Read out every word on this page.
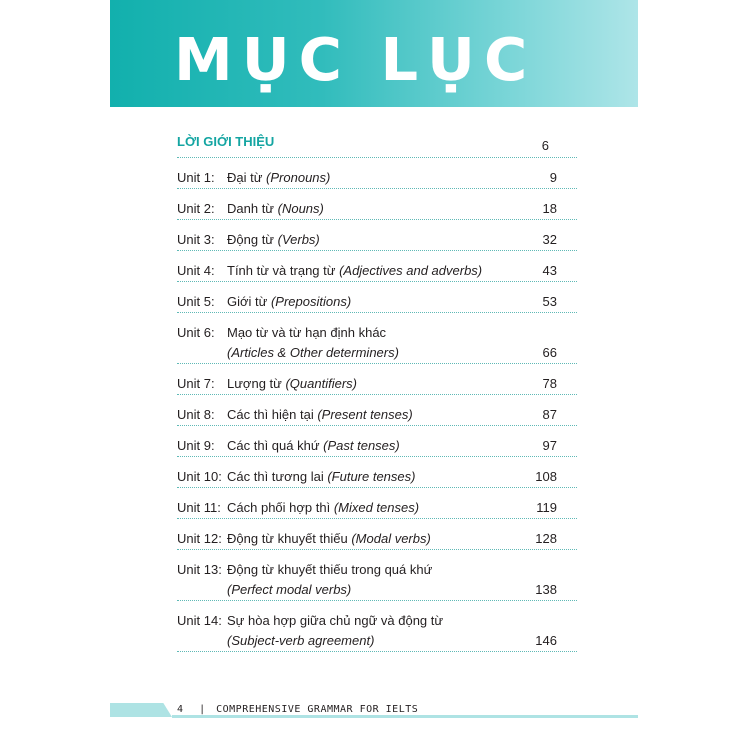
MỤC LỤC
LỜI GIỚI THIỆU	6
Unit 1: Đại từ (Pronouns)	9
Unit 2: Danh từ (Nouns)	18
Unit 3: Động từ (Verbs)	32
Unit 4: Tính từ và trạng từ (Adjectives and adverbs)	43
Unit 5: Giới từ (Prepositions)	53
Unit 6: Mạo từ và từ hạn định khác
(Articles & Other determiners)	66
Unit 7: Lượng từ (Quantifiers)	78
Unit 8: Các thì hiện tại (Present tenses)	87
Unit 9: Các thì quá khứ (Past tenses)	97
Unit 10: Các thì tương lai (Future tenses)	108
Unit 11: Cách phối hợp thì (Mixed tenses)	119
Unit 12: Động từ khuyết thiếu (Modal verbs)	128
Unit 13: Động từ khuyết thiếu trong quá khứ
(Perfect modal verbs)	138
Unit 14: Sự hòa hợp giữa chủ ngữ và động từ
(Subject-verb agreement)	146
4 | COMPREHENSIVE GRAMMAR FOR IELTS
